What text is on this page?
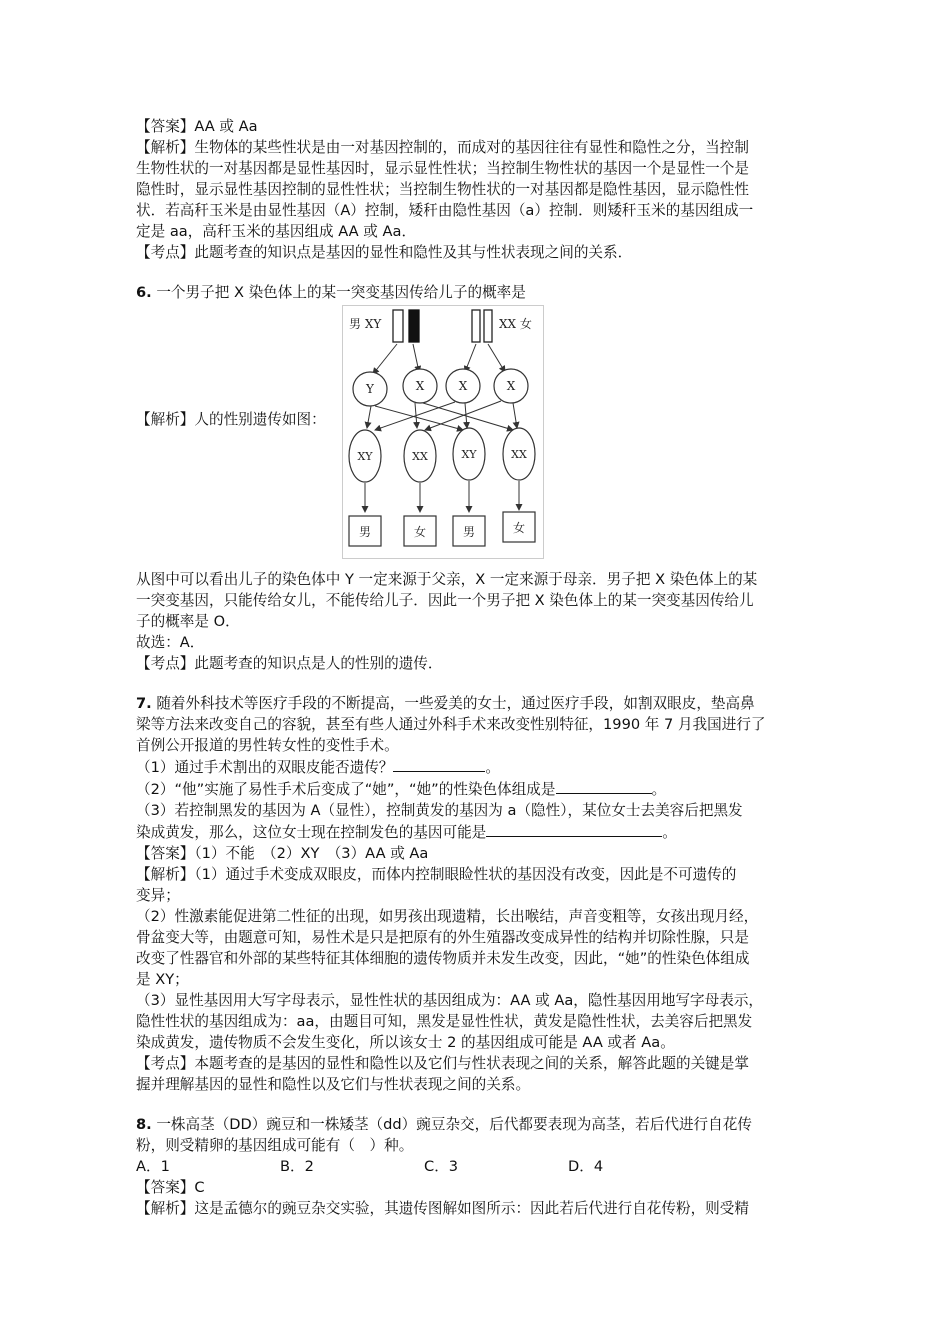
【答案】AA 或 Aa

【解析】生物体的某些性状是由一对基因控制的，而成对的基因往往有显性和隐性之分，当控制

生物性状的一对基因都是显性基因时，显示显性性状；当控制生物性状的基因一个是显性一个是

隐性时，显示显性基因控制的显性性状；当控制生物性状的一对基因都是隐性基因，显示隐性性

状．若高秆玉米是由显性基因（A）控制，矮秆由隐性基因（a）控制．则矮秆玉米的基因组成一

定是 aa，高秆玉米的基因组成 AA 或 Aa．

【考点】此题考查的知识点是基因的显性和隐性及其与性状表现之间的关系．

6. 一个男子把 X 染色体上的某一突变基因传给儿子的概率是

【解析】人的性别遗传如图：
男 XY	XX 女
Y	X	X	X
XY	XX	XY	XX
男	女	男	女

从图中可以看出儿子的染色体中 Y 一定来源于父亲，X 一定来源于母亲．男子把 X 染色体上的某

一突变基因，只能传给女儿，不能传给儿子．因此一个男子把 X 染色体上的某一突变基因传给儿

子的概率是 O．

故选：A．

【考点】此题考查的知识点是人的性别的遗传．

7. 随着外科技术等医疗手段的不断提高，一些爱美的女士，通过医疗手段，如割双眼皮，垫高鼻

梁等方法来改变自己的容貌，甚至有些人通过外科手术来改变性别特征，1990 年 7 月我国进行了

首例公开报道的男性转女性的变性手术。

（1）通过手术割出的双眼皮能否遗传？	。

（2）“他”实施了易性手术后变成了“她”，“她”的性染色体组成是	。

（3）若控制黑发的基因为 A（显性），控制黄发的基因为 a（隐性），某位女士去美容后把黑发

染成黄发，那么，这位女士现在控制发色的基因可能是	。

【答案】（1）不能　（2）XY　（3）AA 或 Aa

【解析】（1）通过手术变成双眼皮，而体内控制眼睑性状的基因没有改变，因此是不可遗传的

变异；

（2）性激素能促进第二性征的出现，如男孩出现遗精，长出喉结，声音变粗等，女孩出现月经，

骨盆变大等，由题意可知，易性术是只是把原有的外生殖器改变成异性的结构并切除性腺，只是

改变了性器官和外部的某些特征其体细胞的遗传物质并未发生改变，因此，“她”的性染色体组成

是 XY；

（3）显性基因用大写字母表示，显性性状的基因组成为：AA 或 Aa，隐性基因用地写字母表示，

隐性性状的基因组成为：aa，由题目可知，黑发是显性性状，黄发是隐性性状，去美容后把黑发

染成黄发，遗传物质不会发生变化，所以该女士 2 的基因组成可能是 AA 或者 Aa。

【考点】本题考查的是基因的显性和隐性以及它们与性状表现之间的关系，解答此题的关键是掌

握并理解基因的显性和隐性以及它们与性状表现之间的关系。

8. 一株高茎（DD）豌豆和一株矮茎（dd）豌豆杂交，后代都要表现为高茎，若后代进行自花传

粉，则受精卵的基因组成可能有（　）种。

A．1	B．2	C．3	D．4

【答案】C

【解析】这是孟德尔的豌豆杂交实验，其遗传图解如图所示：因此若后代进行自花传粉，则受精
